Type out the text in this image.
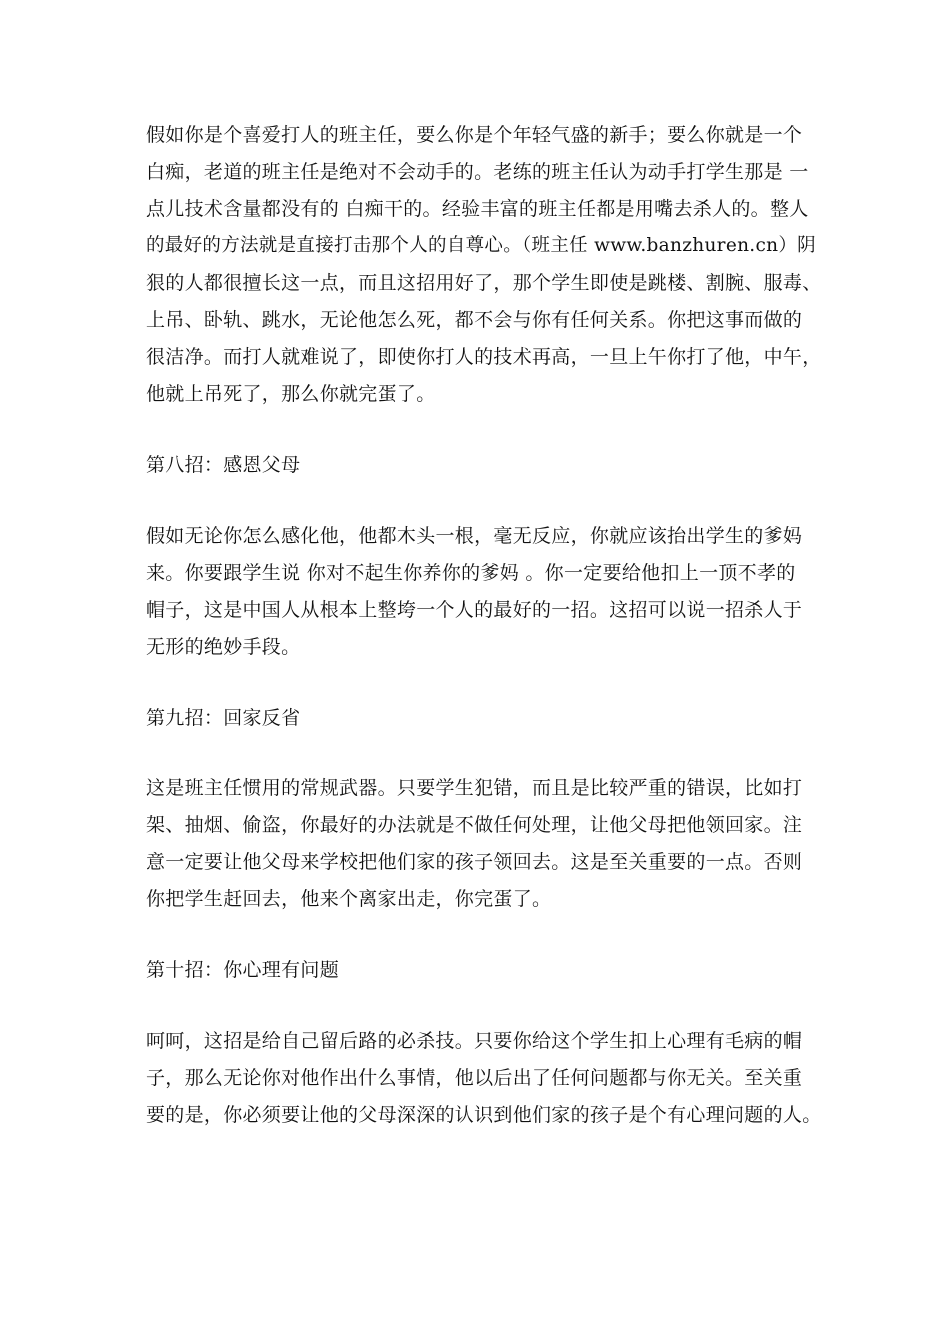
假如你是个喜爱打人的班主任，要么你是个年轻气盛的新手；要么你就是一个
白痴，老道的班主任是绝对不会动手的。老练的班主任认为动手打学生那是 一
点儿技术含量都没有的 白痴干的。经验丰富的班主任都是用嘴去杀人的。整人
的最好的方法就是直接打击那个人的自尊心。（班主任 www.banzhuren.cn）阴
狠的人都很擅长这一点，而且这招用好了，那个学生即使是跳楼、割腕、服毒、
上吊、卧轨、跳水，无论他怎么死，都不会与你有任何关系。你把这事而做的
很洁净。而打人就难说了，即使你打人的技术再高，一旦上午你打了他，中午，
他就上吊死了，那么你就完蛋了。
第八招：感恩父母
假如无论你怎么感化他，他都木头一根，毫无反应，你就应该抬出学生的爹妈
来。你要跟学生说 你对不起生你养你的爹妈 。你一定要给他扣上一顶不孝的
帽子，这是中国人从根本上整垮一个人的最好的一招。这招可以说一招杀人于
无形的绝妙手段。
第九招：回家反省
这是班主任惯用的常规武器。只要学生犯错，而且是比较严重的错误，比如打
架、抽烟、偷盗，你最好的办法就是不做任何处理，让他父母把他领回家。注
意一定要让他父母来学校把他们家的孩子领回去。这是至关重要的一点。否则
你把学生赶回去，他来个离家出走，你完蛋了。
第十招：你心理有问题
呵呵，这招是给自己留后路的必杀技。只要你给这个学生扣上心理有毛病的帽
子，那么无论你对他作出什么事情，他以后出了任何问题都与你无关。至关重
要的是，你必须要让他的父母深深的认识到他们家的孩子是个有心理问题的人。
